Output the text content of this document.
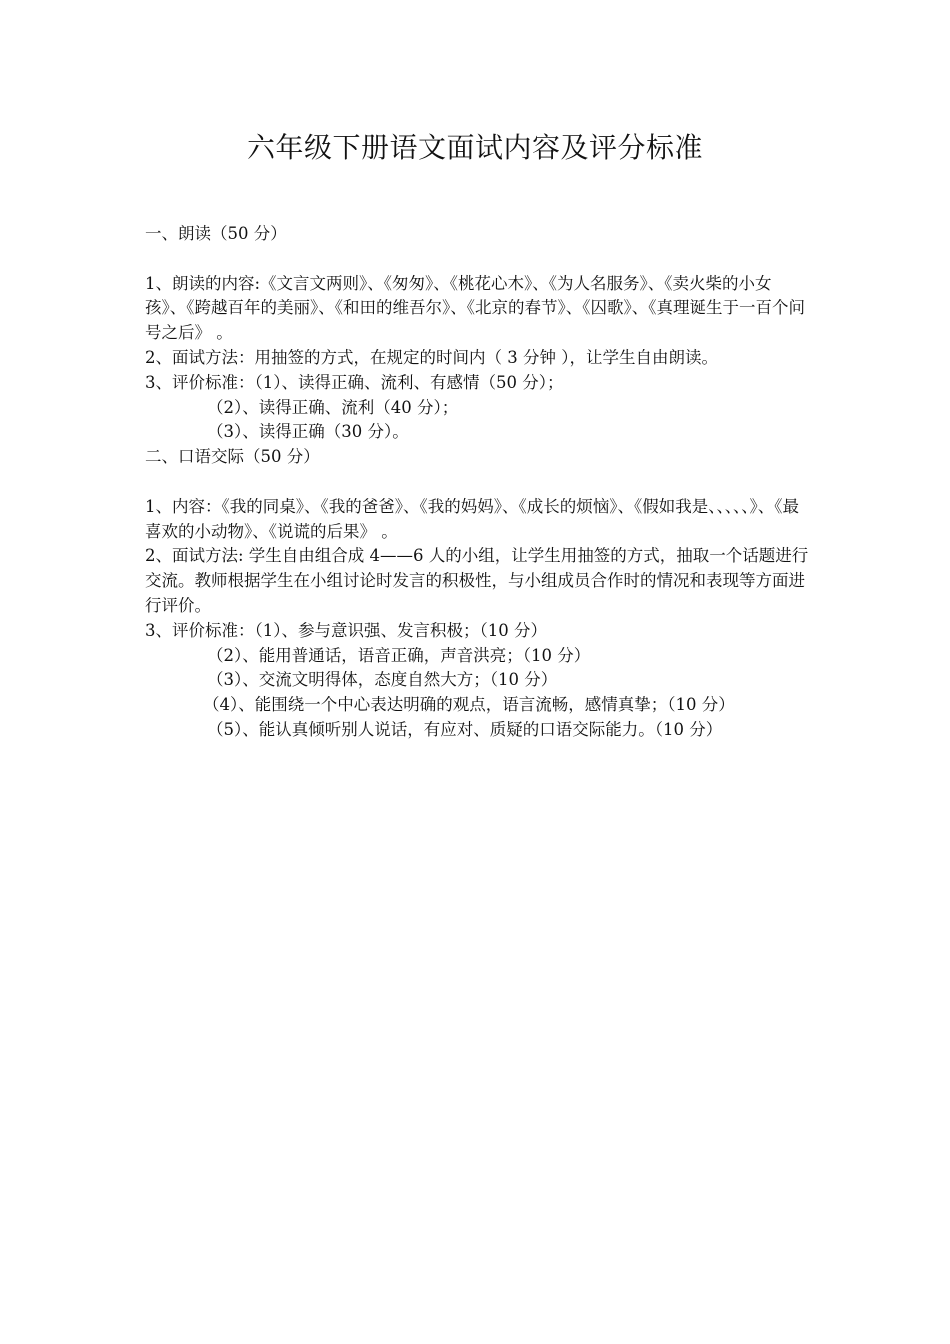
六年级下册语文面试内容及评分标准
一、朗读（50 分）
1、朗读的内容:《文言文两则》、《匆匆》、《桃花心木》、《为人名服务》、《卖火柴的小女孩》、《跨越百年的美丽》、《和田的维吾尔》、《北京的春节》、《囚歌》、《真理诞生于一百个问号之后》 。
2、面试方法：用抽签的方式，在规定的时间内（ 3 分钟 ），让学生自由朗读。
3、评价标准：（1）、读得正确、流利、有感情（50 分）；
（2）、读得正确、流利（40 分）；
（3）、读得正确（30 分）。
二、口语交际（50 分）
1、内容：《我的同桌》、《我的爸爸》、《我的妈妈》、《成长的烦恼》、《假如我是、、、、、》、《最喜欢的小动物》、《说谎的后果》 。
2、面试方法: 学生自由组合成 4——6 人的小组，让学生用抽签的方式，抽取一个话题进行交流。教师根据学生在小组讨论时发言的积极性，与小组成员合作时的情况和表现等方面进行评价。
3、评价标准：（1）、参与意识强、发言积极；（10 分）
（2）、能用普通话，语音正确，声音洪亮；（10 分）
（3）、交流文明得体，态度自然大方；（10 分）
（4）、能围绕一个中心表达明确的观点，语言流畅，感情真挚；（10 分）
（5）、能认真倾听别人说话，有应对、质疑的口语交际能力。（10 分）
